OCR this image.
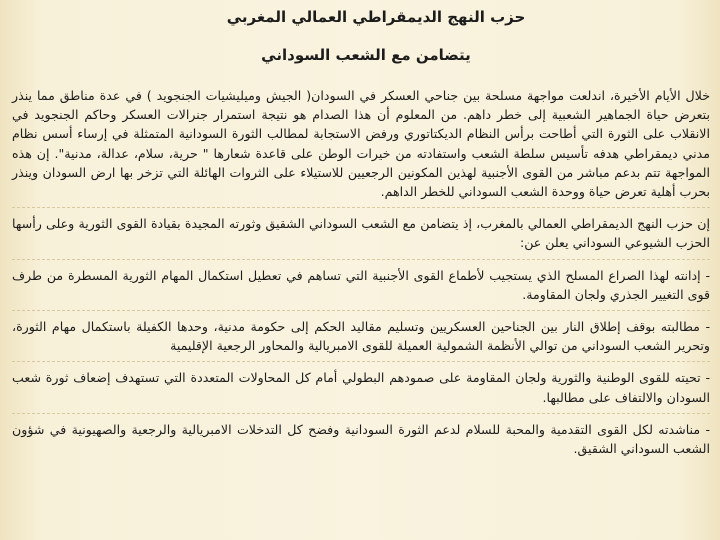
حزب النهج الديمقراطي العمالي المغربي
يتضامن مع الشعب السوداني

خلال الأيام الأخيرة، اندلعت مواجهة مسلحة بين جناحي العسكر في السودان( الجيش وميليشيات الجنجويد ) في عدة مناطق مما ينذر بتعرض حياة الجماهير الشعبية إلى خطر داهم. من المعلوم أن هذا الصدام هو نتيجة استمرار جنرالات العسكر وحاكم الجنجويد في الانقلاب على الثورة التي أطاحت برأس النظام الديكتاتوري ورفض الاستجابة لمطالب الثورة السودانية المتمثلة في إرساء أسس نظام مدني ديمقراطي هدفه تأسيس سلطة الشعب واستفادته من خيرات الوطن على قاعدة شعارها " حرية، سلام، عدالة، مدنية". إن هذه المواجهة تتم بدعم مباشر من القوى الأجنبية لهذين المكونين الرجعيين للاستيلاء على الثروات الهائلة التي تزخر بها ارض السودان وينذر بحرب أهلية تعرض حياة ووحدة الشعب السوداني للخطر الداهم.

إن حزب النهج الديمقراطي العمالي بالمغرب، إذ يتضامن مع الشعب السوداني الشقيق وثورته المجيدة بقيادة القوى الثورية وعلى رأسها الحزب الشيوعي السوداني يعلن عن:

- إدانته لهذا الصراع المسلح الذي يستجيب لأطماع القوى الأجنبية التي تساهم في تعطيل استكمال المهام الثورية المسطرة من طرف قوى التغيير الجذري ولجان المقاومة.

- مطالبته بوقف إطلاق النار بين الجناحين العسكريين وتسليم مقاليد الحكم إلى حكومة مدنية، وحدها الكفيلة باستكمال مهام الثورة، وتحرير الشعب السوداني من توالي الأنظمة الشمولية العميلة للقوى الامبريالية والمحاور الرجعية الإقليمية

- تحيته للقوى الوطنية والثورية ولجان المقاومة على صمودهم البطولي أمام كل المحاولات المتعددة التي تستهدف إضعاف ثورة شعب السودان والالتفاف على مطالبها.

- مناشدته لكل القوى التقدمية والمحبة للسلام لدعم الثورة السودانية وفضح كل التدخلات الامبريالية والرجعية والصهيونية في شؤون الشعب السوداني الشقيق.
